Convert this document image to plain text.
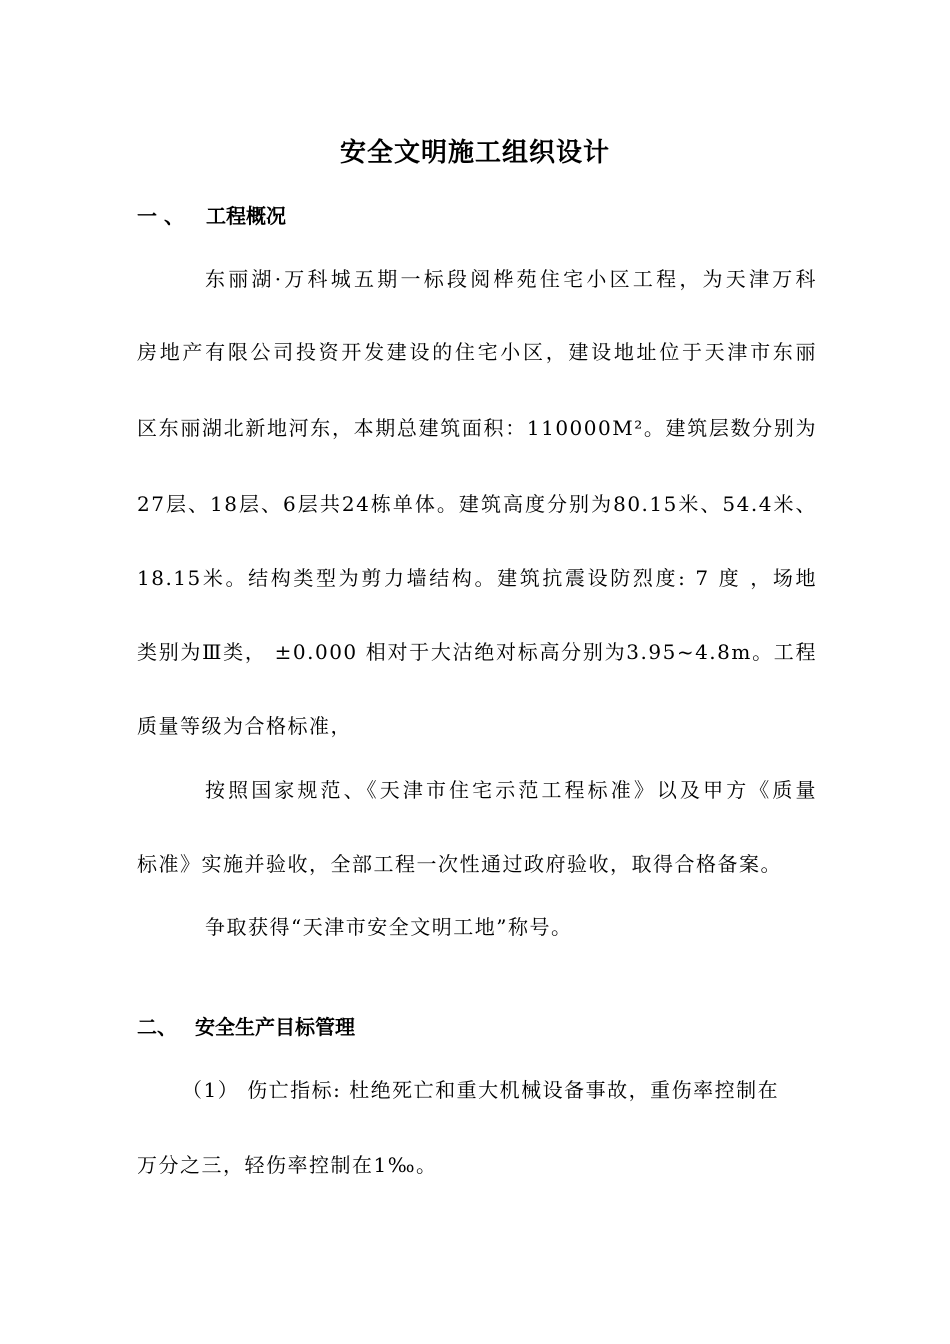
安全文明施工组织设计
一 、 工程概况
东丽湖·万科城五期一标段阅桦苑住宅小区工程，为天津万科
房地产有限公司投资开发建设的住宅小区，建设地址位于天津市东丽
区东丽湖北新地河东，本期总建筑面积：110000M²。建筑层数分别为
27层、18层、6层共24栋单体。建筑高度分别为80.15米、54.4米、
18.15米。结构类型为剪力墙结构。建筑抗震设防烈度: 7 度 ，场地
类别为Ⅲ类， ±0.000 相对于大沽绝对标高分别为3.95~4.8m。工程
质量等级为合格标准，
按照国家规范、《天津市住宅示范工程标准》以及甲方《质量
标准》实施并验收，全部工程一次性通过政府验收，取得合格备案。
争取获得“天津市安全文明工地”称号。
二、 安全生产目标管理
（1） 伤亡指标: 杜绝死亡和重大机械设备事故，重伤率控制在
万分之三，轻伤率控制在1‰。
